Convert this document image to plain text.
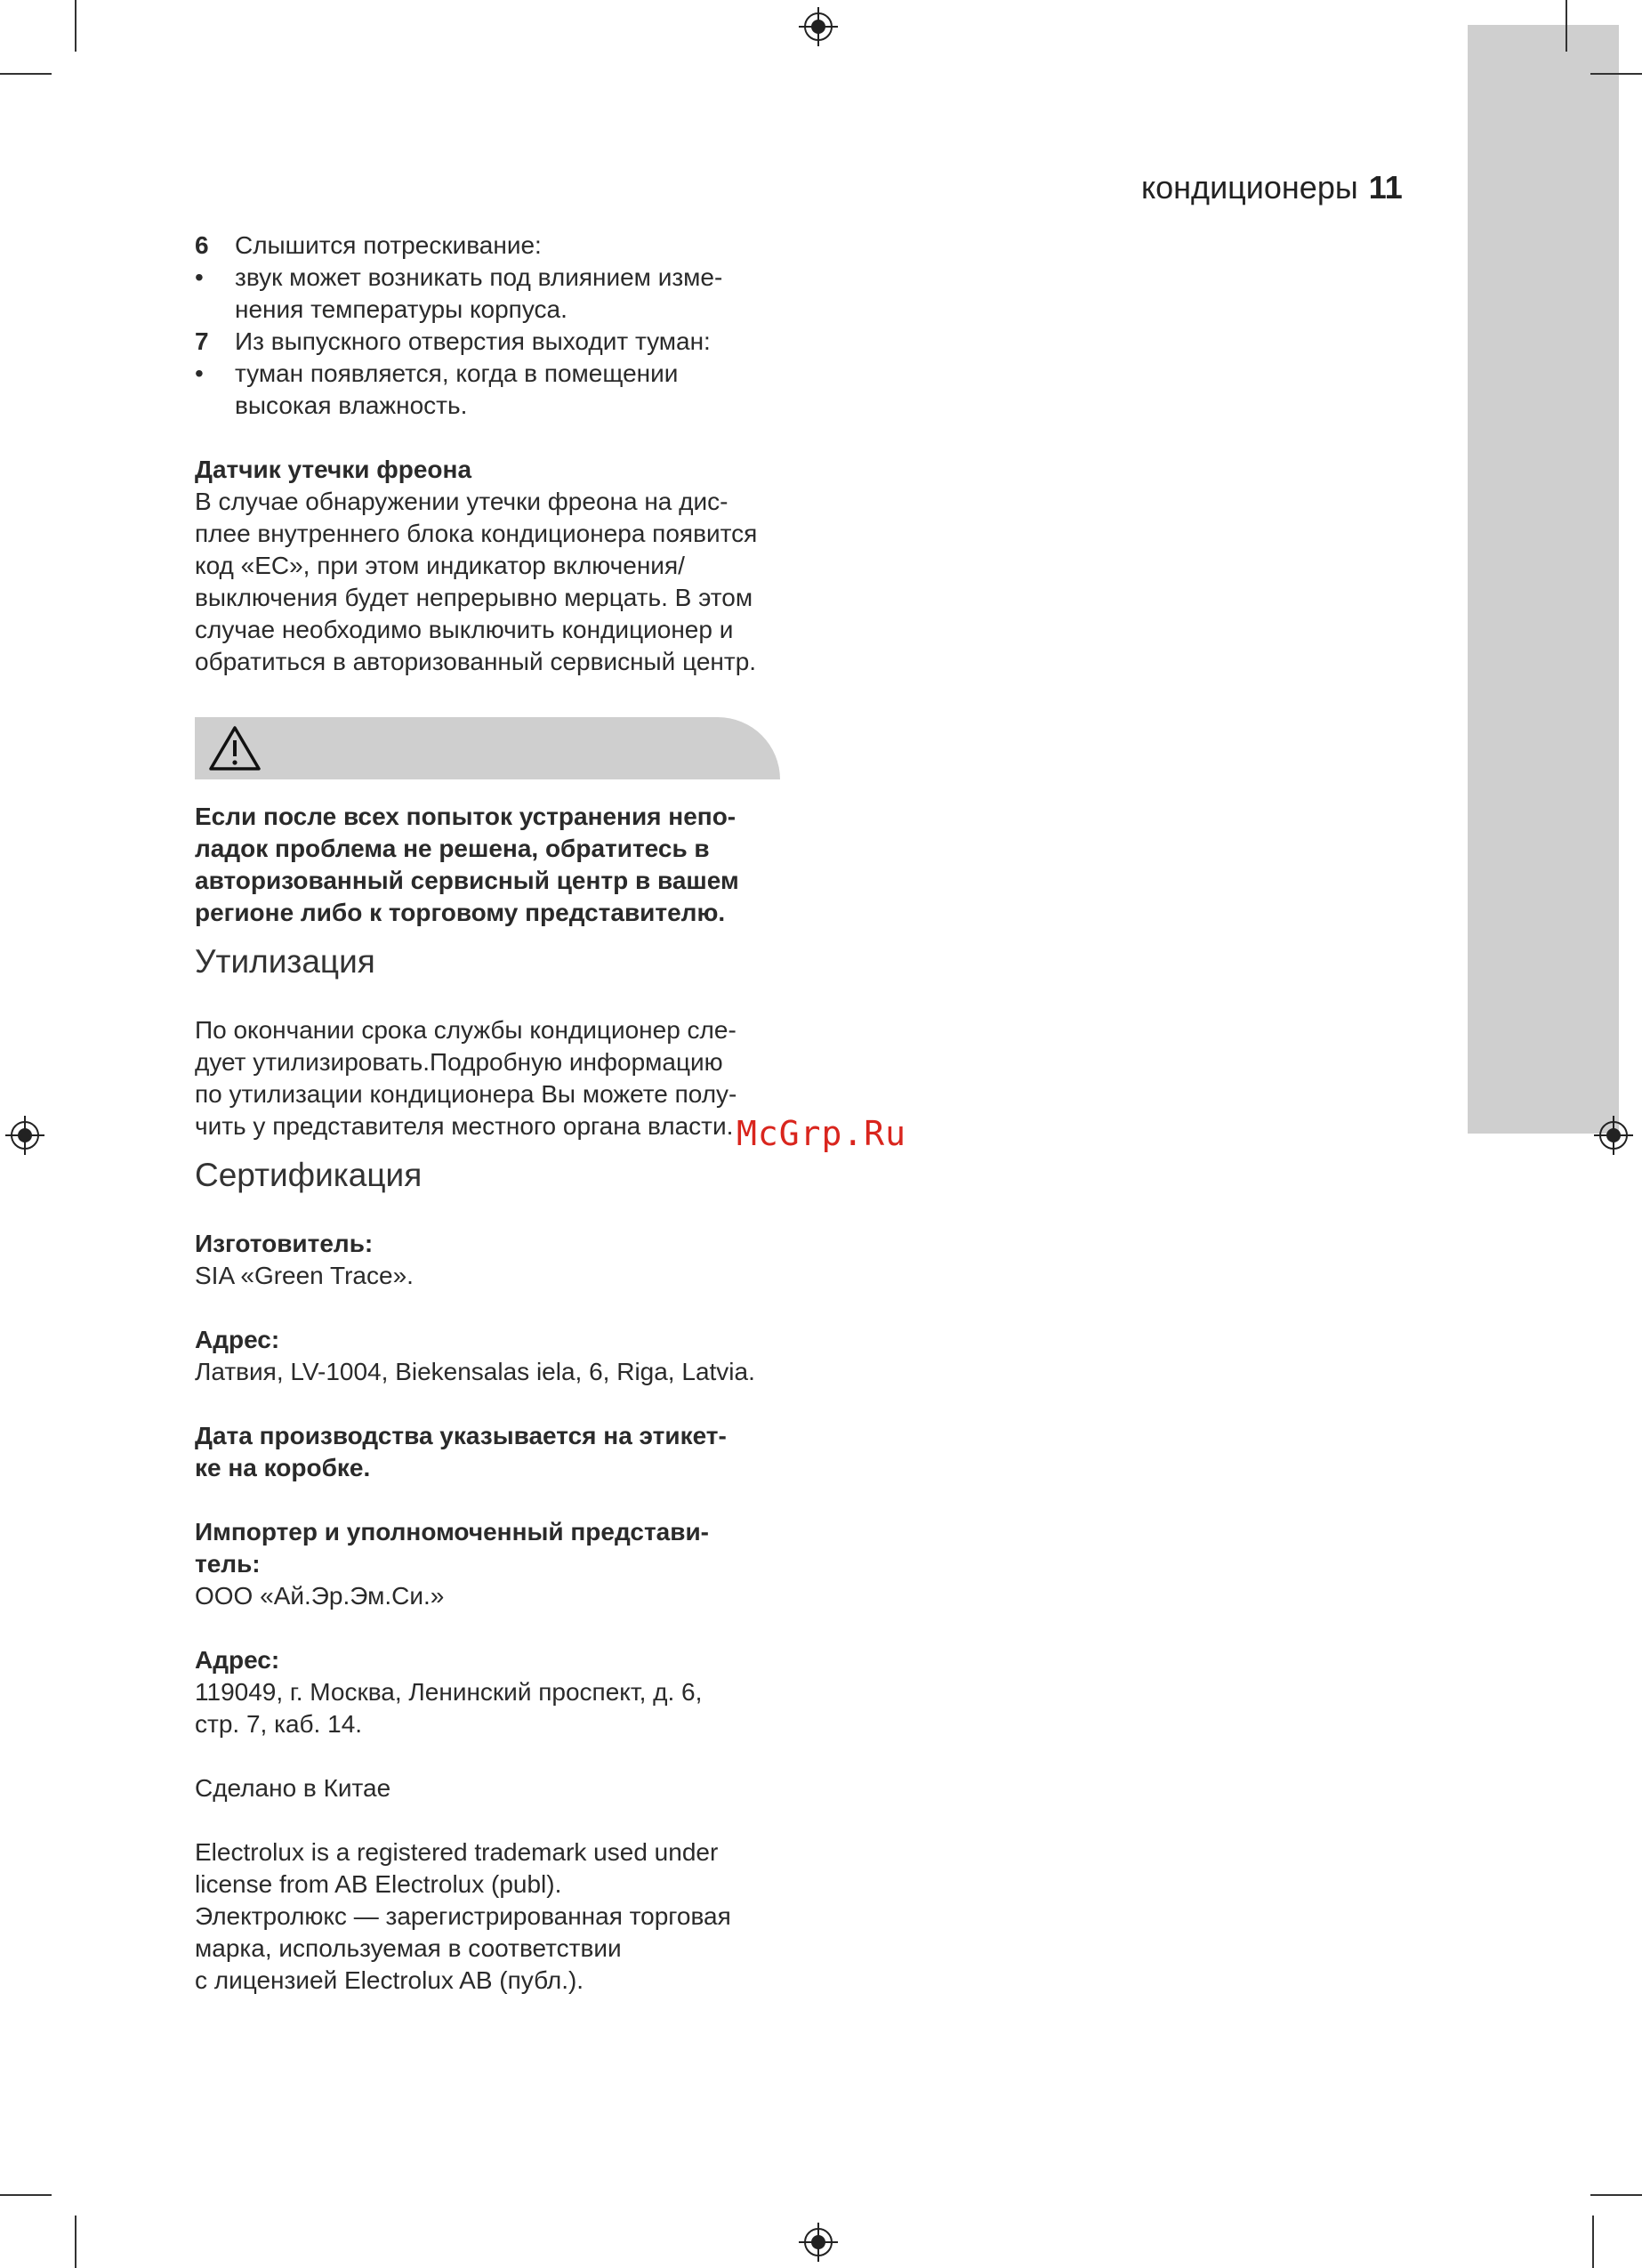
кондиционеры 11

6 Слышится потрескивание:

• звук может возникать под влиянием изме-
нения температуры корпуса.

7 Из выпускного отверстия выходит туман:

• туман появляется, когда в помещении
высокая влажность.

Датчик утечки фреона

В случае обнаружении утечки фреона на дис-
плее внутреннего блока кондиционера появится
код «EC», при этом индикатор включения/
выключения будет непрерывно мерцать. В этом
случае необходимо выключить кондиционер и
обратиться в авторизованный сервисный центр.

Если после всех попыток устранения непо-
ладок проблема не решена, обратитесь в
авторизованный сервисный центр в вашем
регионе либо к торговому представителю.

Утилизация

По окончании срока службы кондиционер сле-
дует утилизировать.Подробную информацию
по утилизации кондиционера Вы можете полу-
чить у представителя местного органа власти.

Сертификация

Изготовитель:

SIA «Green Trace».

Адрес:

Латвия, LV-1004, Biekensalas iela, 6, Riga, Latvia.

Дата производства указывается на этикет-
ке на коробке.

Импортер и уполномоченный представи-
тель:

ООО «Ай.Эр.Эм.Си.»

Адрес:

119049, г. Москва, Ленинский проспект, д. 6,
стр. 7, каб. 14.

Сделано в Китае

Electrolux is a registered trademark used under
license from AB Electrolux (publ).
Электролюкс — зарегистрированная торговая
марка, используемая в соответствии
с лицензией Electrolux AB (публ.).

McGrp.Ru
